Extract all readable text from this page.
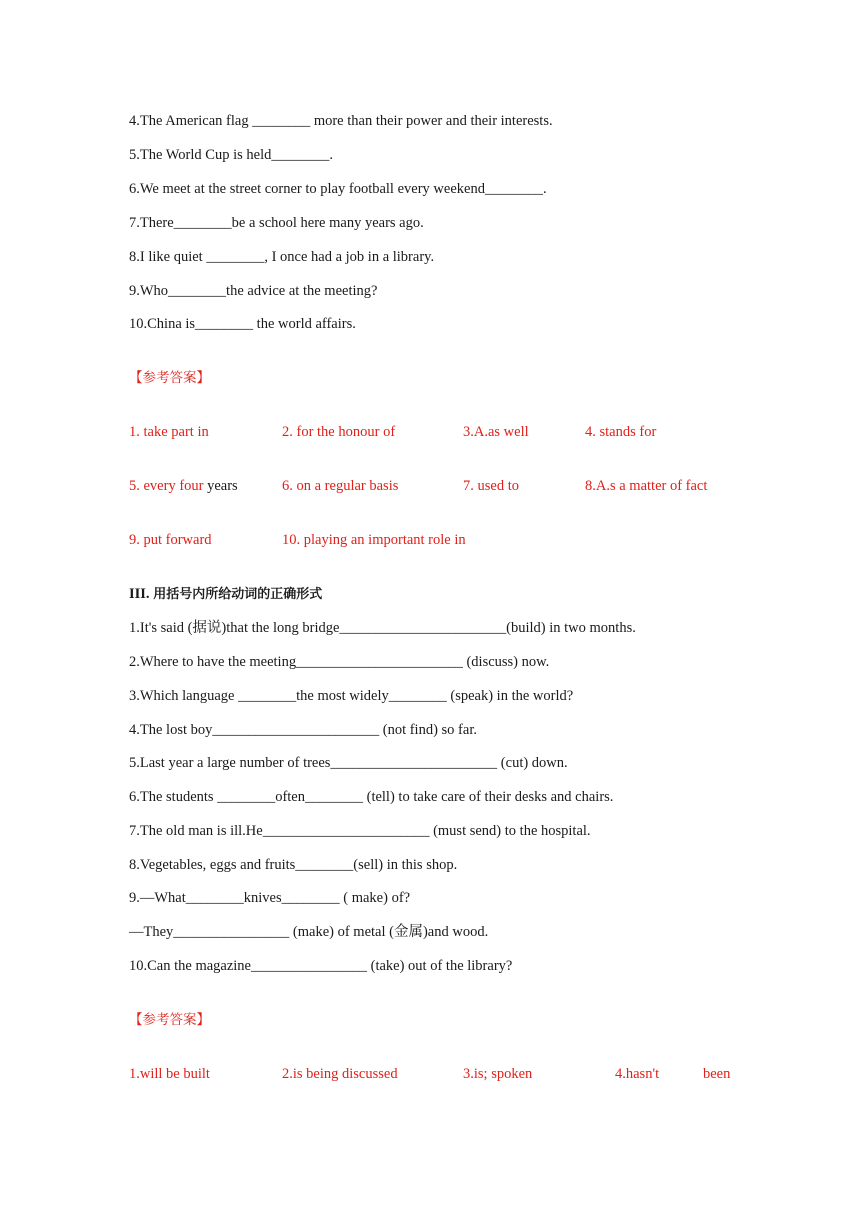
4.The American flag ________ more than their power and their interests.
5.The World Cup is held________.
6.We meet at the street corner to play football every weekend________.
7.There________be a school here many years ago.
8.I like quiet ________, I once had a job in a library.
9.Who________the advice at the meeting?
10.China is________ the world affairs.
【参考答案】
1. take part in	2. for the honour of	3.A.as well	4. stands for
5. every four years	6. on a regular basis	7. used to	8.A.s a matter of fact
9. put forward	10. playing an important role in
III. 用括号内所给动词的正确形式
1.It's said (据说)that the long bridge_______________________(build) in two months.
2.Where to have the meeting_______________________ (discuss) now.
3.Which language ________the most widely________ (speak) in the world?
4.The lost boy_______________________ (not find) so far.
5.Last year a large number of trees_______________________ (cut) down.
6.The students ________often________ (tell) to take care of their desks and chairs.
7.The old man is ill.He_______________________ (must send) to the hospital.
8.Vegetables, eggs and fruits________(sell) in this shop.
9.—What________knives________ ( make) of?
—They________________ (make) of metal (金属)and wood.
10.Can the magazine________________ (take) out of the library?
【参考答案】
1.will be built	2.is being discussed	3.is; spoken	4.hasn't	been
